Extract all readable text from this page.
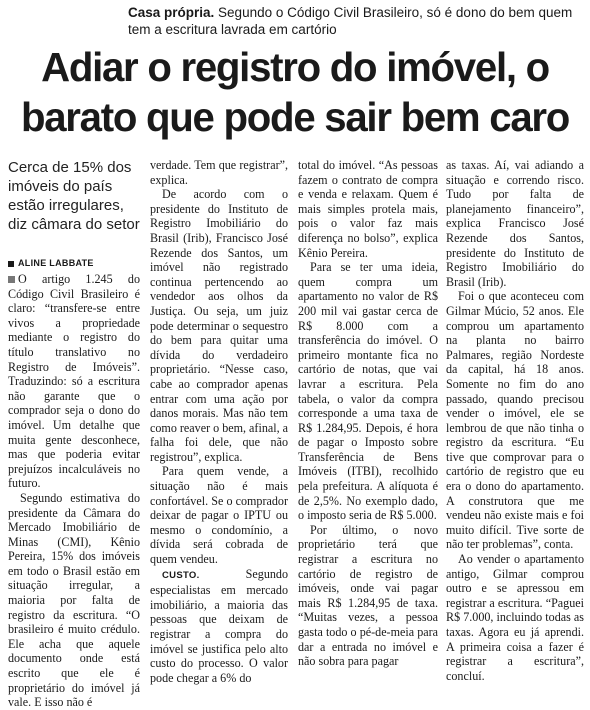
Casa própria. Segundo o Código Civil Brasileiro, só é dono do bem quem tem a escritura lavrada em cartório
Adiar o registro do imóvel, o
barato que pode sair bem caro
Cerca de 15% dos imóveis do país estão irregulares, diz câmara do setor
ALINE LABBATE

O artigo 1.245 do Código Civil Brasileiro é claro: “transfere-se entre vivos a propriedade mediante o registro do título translativo no Registro de Imóveis”. Traduzindo: só a escritura não garante que o comprador seja o dono do imóvel. Um detalhe que muita gente desconhece, mas que poderia evitar prejuízos incalculáveis no futuro.

Segundo estimativa do presidente da Câmara do Mercado Imobiliário de Minas (CMI), Kênio Pereira, 15% dos imóveis em todo o Brasil estão em situação irregular, a maioria por falta de registro da escritura. “O brasileiro é muito crédulo. Ele acha que aquele documento onde está escrito que ele é proprietário do imóvel já vale. E isso não é

verdade. Tem que registrar”, explica.

De acordo com o presidente do Instituto de Registro Imobiliário do Brasil (Irib), Francisco José Rezende dos Santos, um imóvel não registrado continua pertencendo ao vendedor aos olhos da Justiça. Ou seja, um juiz pode determinar o sequestro do bem para quitar uma dívida do verdadeiro proprietário. “Nesse caso, cabe ao comprador apenas entrar com uma ação por danos morais. Mas não tem como reaver o bem, afinal, a falha foi dele, que não registrou”, explica.

Para quem vende, a situação não é mais confortável. Se o comprador deixar de pagar o IPTU ou mesmo o condomínio, a dívida será cobrada de quem vendeu.

CUSTO.	Segundo especialistas em mercado imobiliário, a maioria das pessoas que deixam de registrar a compra do imóvel se justifica pelo alto custo do processo. O valor pode chegar a 6% do

total do imóvel. “As pessoas fazem o contrato de compra e venda e relaxam. Quem é mais simples protela mais, pois o valor faz mais diferença no bolso”, explica Kênio Pereira.

Para se ter uma ideia, quem compra um apartamento no valor de R$ 200 mil vai gastar cerca de R$ 8.000 com a transferência do imóvel. O primeiro montante fica no cartório de notas, que vai lavrar a escritura. Pela tabela, o valor da compra corresponde a uma taxa de R$ 1.284,95. Depois, é hora de pagar o Imposto sobre Transferência de Bens Imóveis (ITBI), recolhido pela prefeitura. A alíquota é de 2,5%. No exemplo dado, o imposto seria de R$ 5.000.

Por último, o novo proprietário terá que registrar a escritura no cartório de registro de imóveis, onde vai pagar mais R$ 1.284,95 de taxa. “Muitas vezes, a pessoa gasta todo o pé-de-meia para dar a entrada no imóvel e não sobra para pagar

as taxas. Aí, vai adiando a situação e correndo risco. Tudo por falta de planejamento financeiro”, explica Francisco José Rezende dos Santos, presidente do Instituto de Registro Imobiliário do Brasil (Irib).

Foi o que aconteceu com Gilmar Múcio, 52 anos. Ele comprou um apartamento na planta no bairro Palmares, região Nordeste da capital, há 18 anos. Somente no fim do ano passado, quando precisou vender o imóvel, ele se lembrou de que não tinha o registro da escritura. “Eu tive que comprovar para o cartório de registro que eu era o dono do apartamento. A construtora que me vendeu não existe mais e foi muito difícil. Tive sorte de não ter problemas”, conta.

Ao vender o apartamento antigo, Gilmar comprou outro e se apressou em registrar a escritura. “Paguei R$ 7.000, incluindo todas as taxas. Agora eu já aprendi. A primeira coisa a fazer é registrar a escritura”, concluí.
